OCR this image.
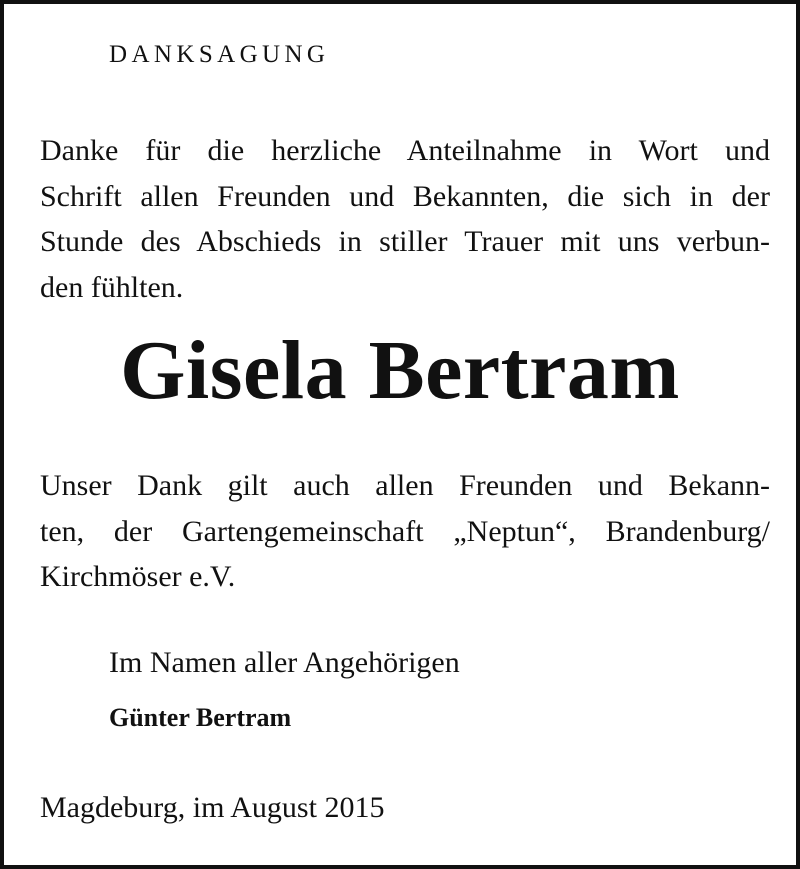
DANKSAGUNG
Danke für die herzliche Anteilnahme in Wort und
Schrift allen Freunden und Bekannten, die sich in der
Stunde des Abschieds in stiller Trauer mit uns verbun-
den fühlten.
Gisela Bertram
Unser Dank gilt auch allen Freunden und Bekann-
ten, der Gartengemeinschaft „Neptun“, Brandenburg/
Kirchmöser e.V.

Im Namen aller Angehörigen

Günter Bertram

Magdeburg, im August 2015
